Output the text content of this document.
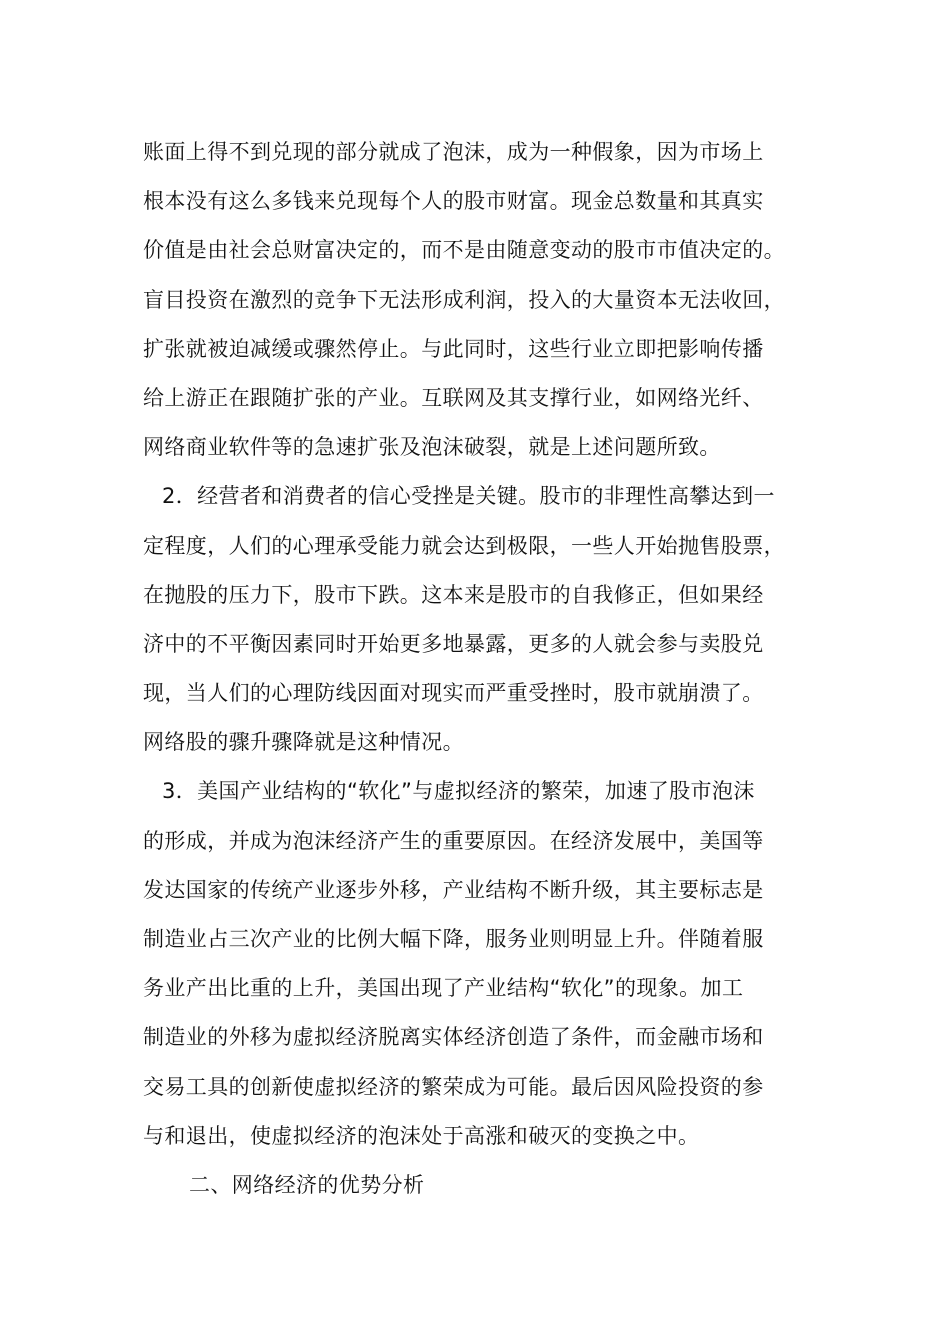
账面上得不到兑现的部分就成了泡沫，成为一种假象，因为市场上
根本没有这么多钱来兑现每个人的股市财富。现金总数量和其真实
价值是由社会总财富决定的，而不是由随意变动的股市市值决定的。
盲目投资在激烈的竞争下无法形成利润，投入的大量资本无法收回，
扩张就被迫减缓或骤然停止。与此同时，这些行业立即把影响传播
给上游正在跟随扩张的产业。互联网及其支撑行业，如网络光纤、
网络商业软件等的急速扩张及泡沫破裂，就是上述问题所致。
2．经营者和消费者的信心受挫是关键。股市的非理性高攀达到一
定程度，人们的心理承受能力就会达到极限，一些人开始抛售股票，
在抛股的压力下，股市下跌。这本来是股市的自我修正，但如果经
济中的不平衡因素同时开始更多地暴露，更多的人就会参与卖股兑
现，当人们的心理防线因面对现实而严重受挫时，股市就崩溃了。
网络股的骤升骤降就是这种情况。
3．美国产业结构的“软化”与虚拟经济的繁荣，加速了股市泡沫
的形成，并成为泡沫经济产生的重要原因。在经济发展中，美国等
发达国家的传统产业逐步外移，产业结构不断升级，其主要标志是
制造业占三次产业的比例大幅下降，服务业则明显上升。伴随着服
务业产出比重的上升，美国出现了产业结构“软化”的现象。加工
制造业的外移为虚拟经济脱离实体经济创造了条件，而金融市场和
交易工具的创新使虚拟经济的繁荣成为可能。最后因风险投资的参
与和退出，使虚拟经济的泡沫处于高涨和破灭的变换之中。
二、网络经济的优势分析
